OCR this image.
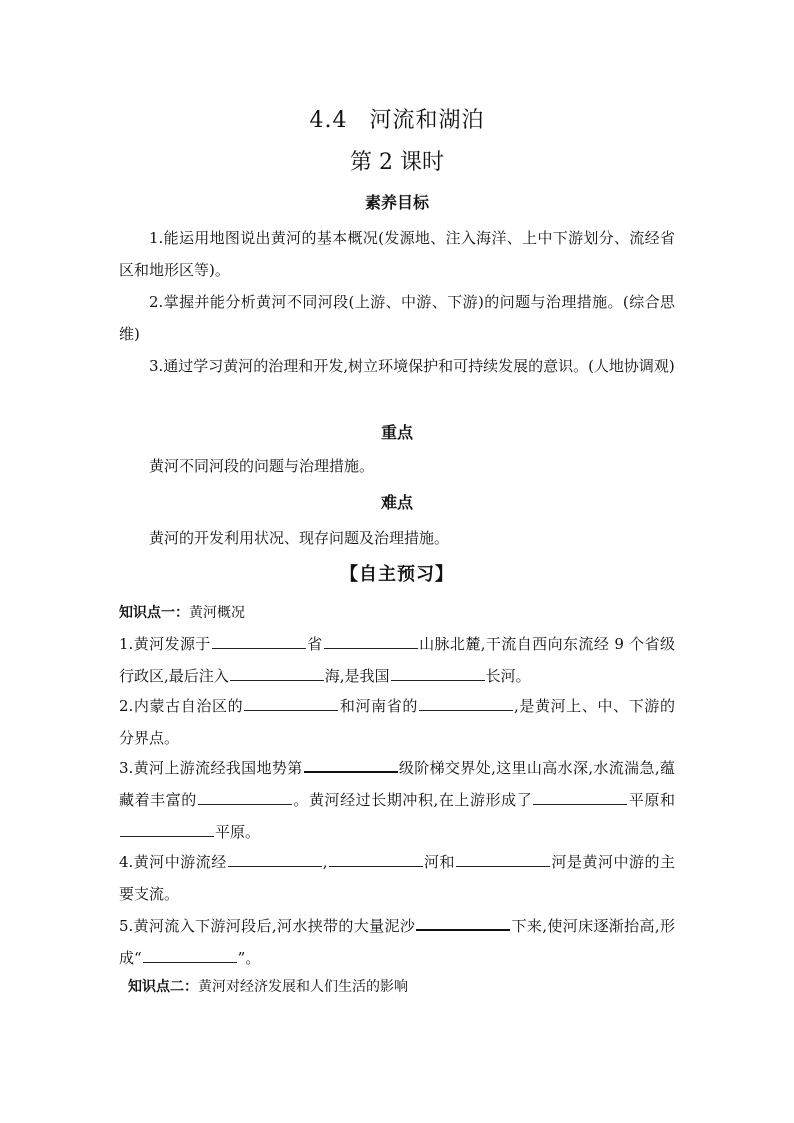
4.4 河流和湖泊
第 2 课时
素养目标
1.能运用地图说出黄河的基本概况(发源地、注入海洋、上中下游划分、流经省区和地形区等)。
2.掌握并能分析黄河不同河段(上游、中游、下游)的问题与治理措施。(综合思维)
3.通过学习黄河的治理和开发,树立环境保护和可持续发展的意识。(人地协调观)
重点
黄河不同河段的问题与治理措施。
难点
黄河的开发利用状况、现存问题及治理措施。
【自主预习】
知识点一：黄河概况
1.黄河发源于	省	山脉北麓,干流自西向东流经 9 个省级行政区,最后注入	海,是我国	长河。
2.内蒙古自治区的	和河南省的	,是黄河上、中、下游的分界点。
3.黄河上游流经我国地势第	级阶梯交界处,这里山高水深,水流湍急,蕴藏着丰富的	。黄河经过长期冲积,在上游形成了	平原和平原。
4.黄河中游流经	,	河和	河是黄河中游的主要支流。
5.黄河流入下游河段后,河水挟带的大量泥沙	下来,使河床逐渐抬高,形成“	”。
知识点二：黄河对经济发展和人们生活的影响
